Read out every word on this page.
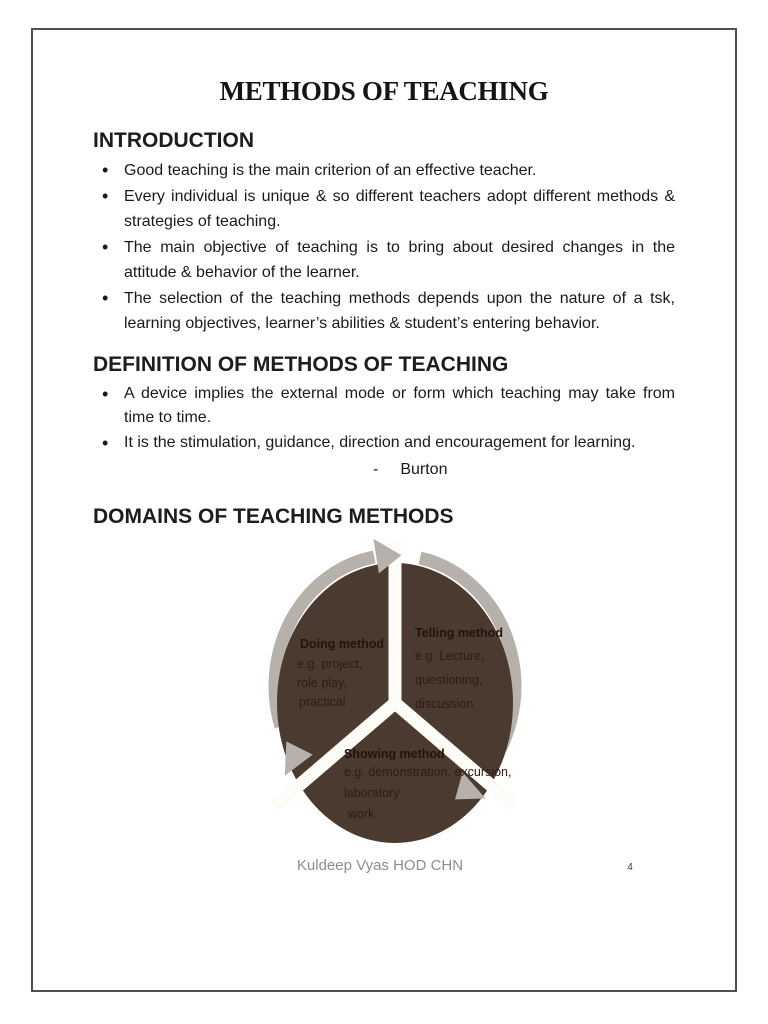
METHODS OF TEACHING
INTRODUCTION
• Good teaching is the main criterion of an effective teacher.
• Every individual is unique & so different teachers adopt different methods & strategies of teaching.
• The main objective of teaching is to bring about desired changes in the attitude & behavior of the learner.
• The selection of the teaching methods depends upon the nature of a tsk, learning objectives, learner’s abilities & student’s entering behavior.
DEFINITION OF METHODS OF TEACHING
• A device implies the external mode or form which teaching may take from time to time.
• It is the stimulation, guidance, direction and encouragement for learning.
- Burton
DOMAINS OF TEACHING METHODS
Doing method
e.g. project,
role play,
practical
Telling method
e.g. Lecture,
questioning,
discussion
Showing method
e.g. demonstration, excursion,
laboratory
work
Kuldeep Vyas HOD CHN	4
